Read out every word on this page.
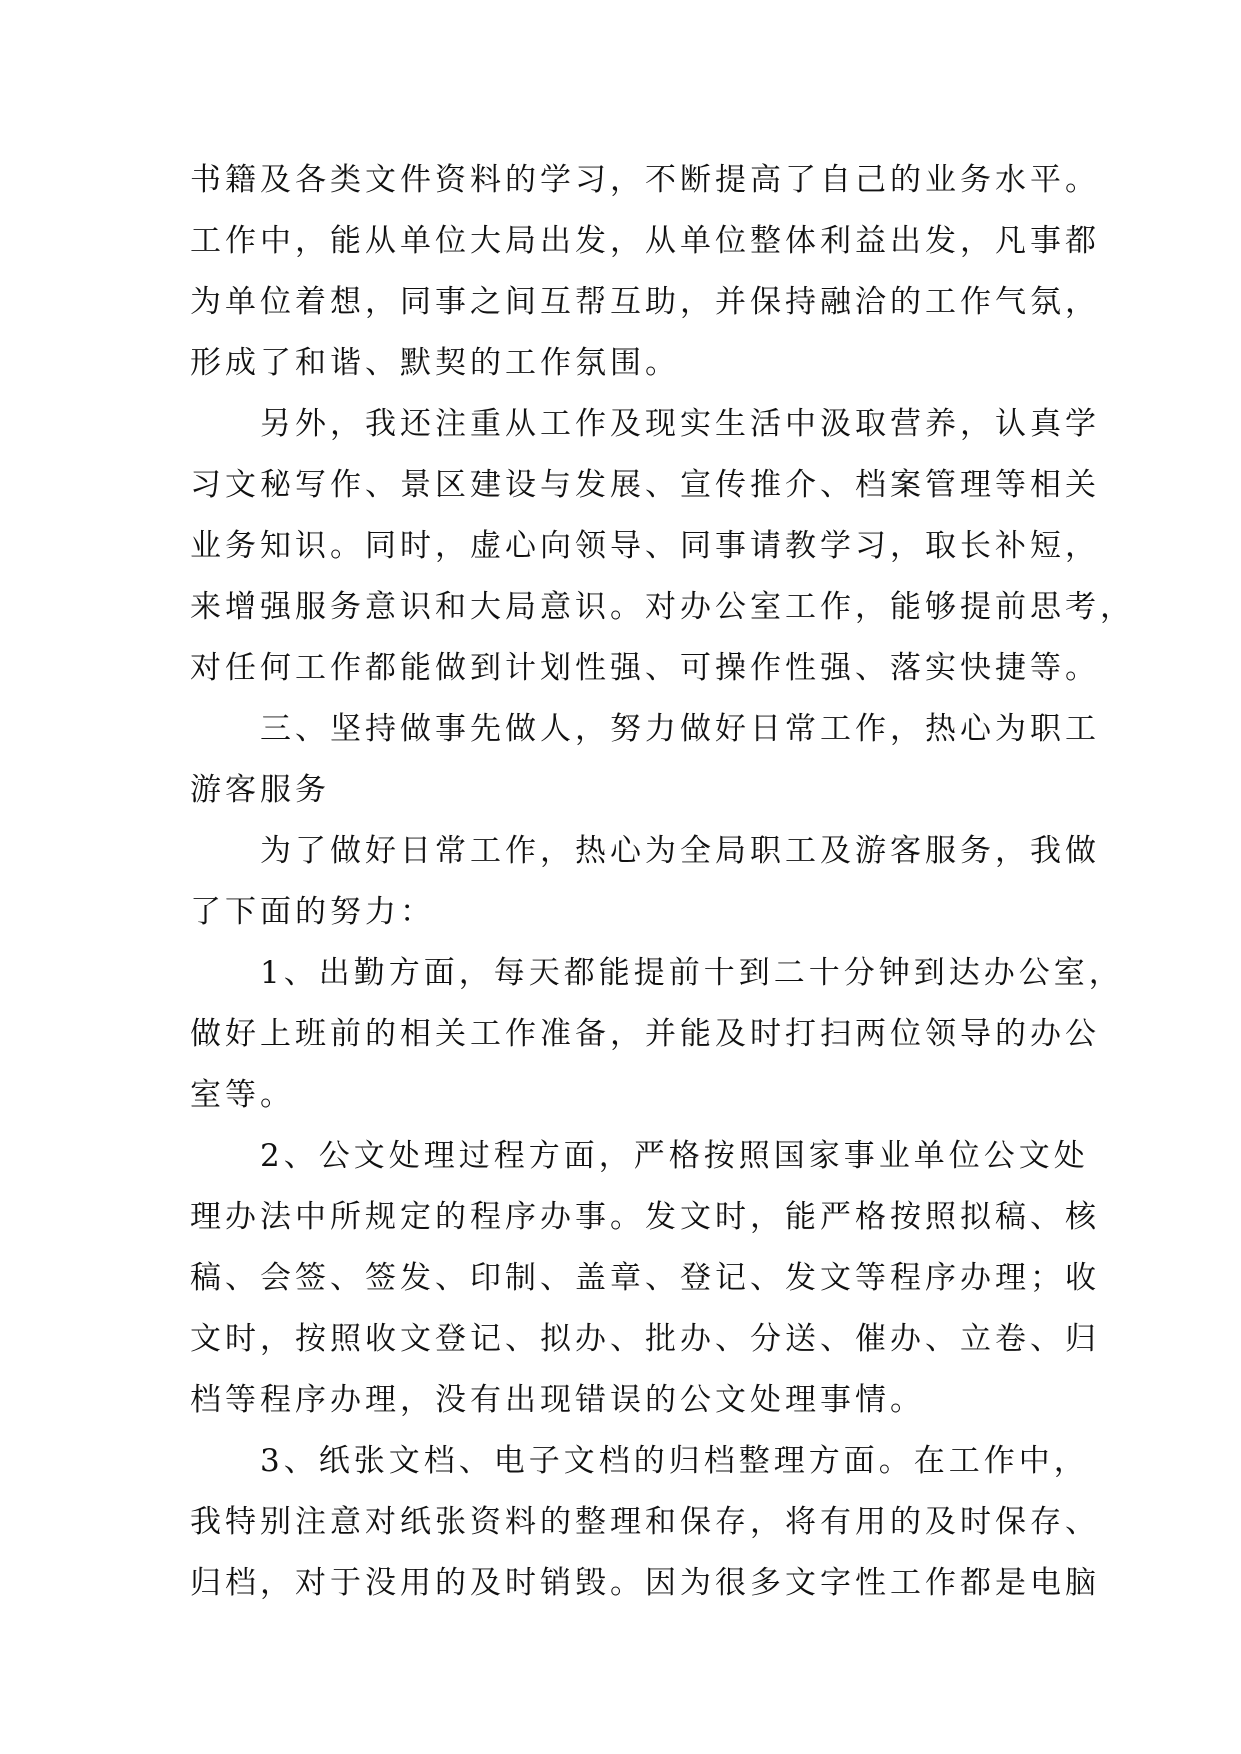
书籍及各类文件资料的学习，不断提高了自己的业务水平。
工作中，能从单位大局出发，从单位整体利益出发，凡事都
为单位着想，同事之间互帮互助，并保持融洽的工作气氛，
形成了和谐、默契的工作氛围。
另外，我还注重从工作及现实生活中汲取营养，认真学
习文秘写作、景区建设与发展、宣传推介、档案管理等相关
业务知识。同时，虚心向领导、同事请教学习，取长补短，
来增强服务意识和大局意识。对办公室工作，能够提前思考，
对任何工作都能做到计划性强、可操作性强、落实快捷等。
三、坚持做事先做人，努力做好日常工作，热心为职工
游客服务
为了做好日常工作，热心为全局职工及游客服务，我做
了下面的努力：
1、出勤方面，每天都能提前十到二十分钟到达办公室，
做好上班前的相关工作准备，并能及时打扫两位领导的办公
室等。
2、公文处理过程方面，严格按照国家事业单位公文处
理办法中所规定的程序办事。发文时，能严格按照拟稿、核
稿、会签、签发、印制、盖章、登记、发文等程序办理；收
文时，按照收文登记、拟办、批办、分送、催办、立卷、归
档等程序办理，没有出现错误的公文处理事情。
3、纸张文档、电子文档的归档整理方面。在工作中，
我特别注意对纸张资料的整理和保存，将有用的及时保存、
归档，对于没用的及时销毁。因为很多文字性工作都是电脑
